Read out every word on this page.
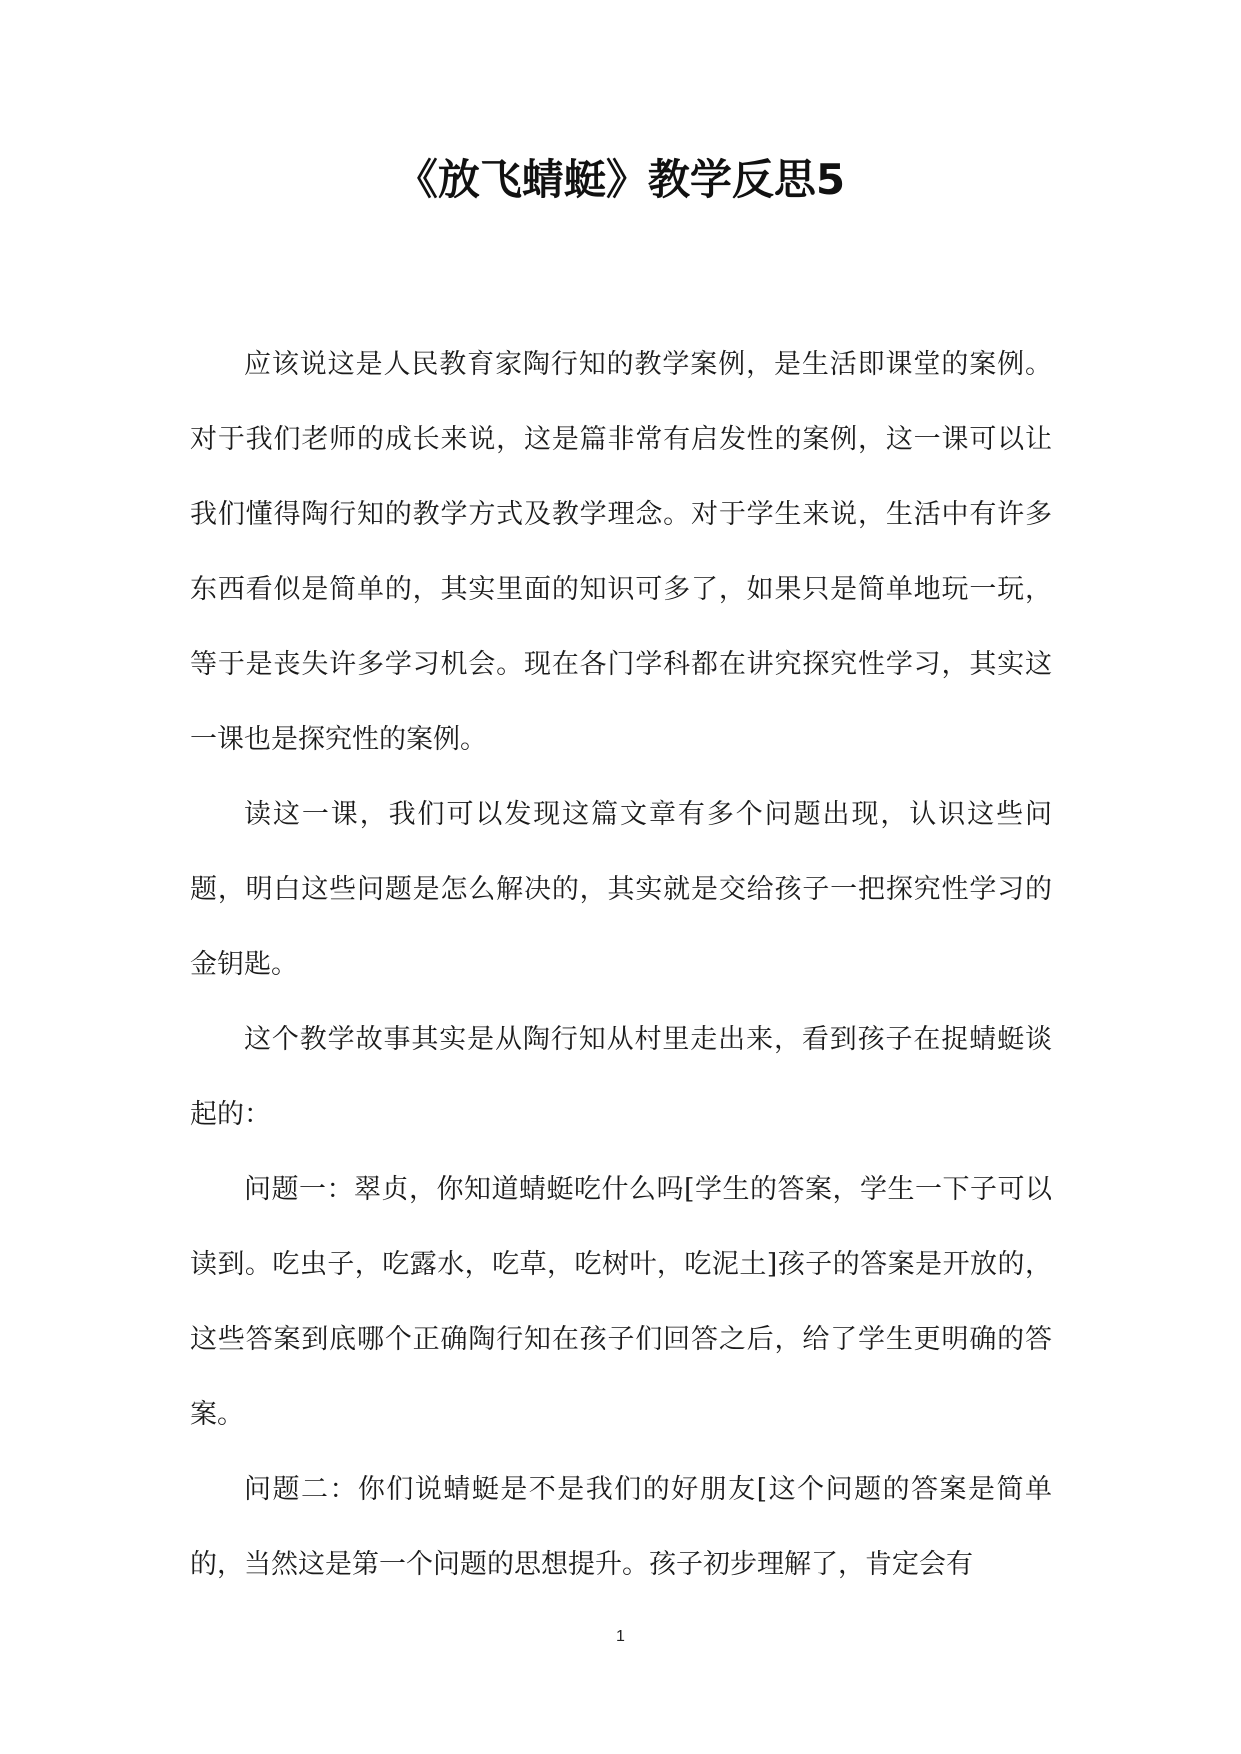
《放飞蜻蜓》教学反思5

应该说这是人民教育家陶行知的教学案例，是生活即课堂的案例。对于我们老师的成长来说，这是篇非常有启发性的案例，这一课可以让我们懂得陶行知的教学方式及教学理念。对于学生来说，生活中有许多东西看似是简单的，其实里面的知识可多了，如果只是简单地玩一玩，等于是丧失许多学习机会。现在各门学科都在讲究探究性学习，其实这一课也是探究性的案例。

读这一课，我们可以发现这篇文章有多个问题出现，认识这些问题，明白这些问题是怎么解决的，其实就是交给孩子一把探究性学习的金钥匙。

这个教学故事其实是从陶行知从村里走出来，看到孩子在捉蜻蜓谈起的：

问题一：翠贞，你知道蜻蜓吃什么吗[学生的答案，学生一下子可以读到。吃虫子，吃露水，吃草，吃树叶，吃泥土]孩子的答案是开放的，这些答案到底哪个正确陶行知在孩子们回答之后，给了学生更明确的答案。

问题二：你们说蜻蜓是不是我们的好朋友[这个问题的答案是简单的，当然这是第一个问题的思想提升。孩子初步理解了，肯定会有

1
